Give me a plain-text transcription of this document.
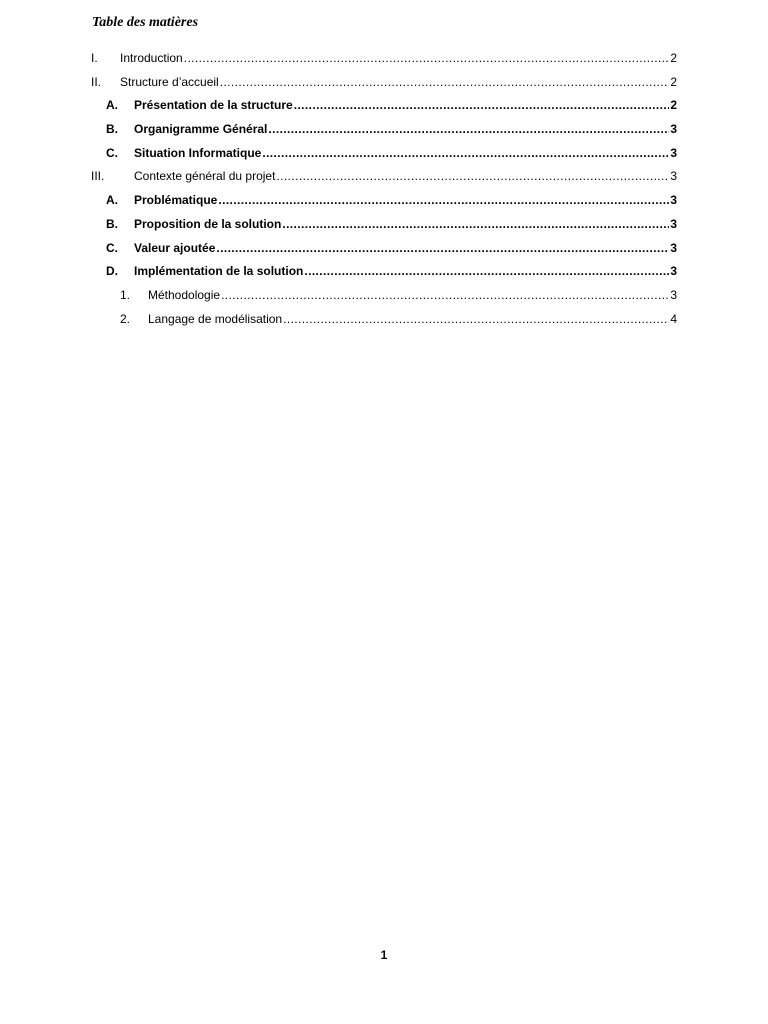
Table des matières
I. Introduction .....	2
II. Structure d’accueil .....	2
A. Présentation de la structure .....	2
B. Organigramme Général .....	3
C. Situation Informatique .....	3
III. Contexte général du projet .....	3
A. Problématique .....	3
B. Proposition de la solution .....	3
C. Valeur ajoutée .....	3
D. Implémentation de la solution .....	3
1. Méthodologie .....	3
2. Langage de modélisation .....	4
1
